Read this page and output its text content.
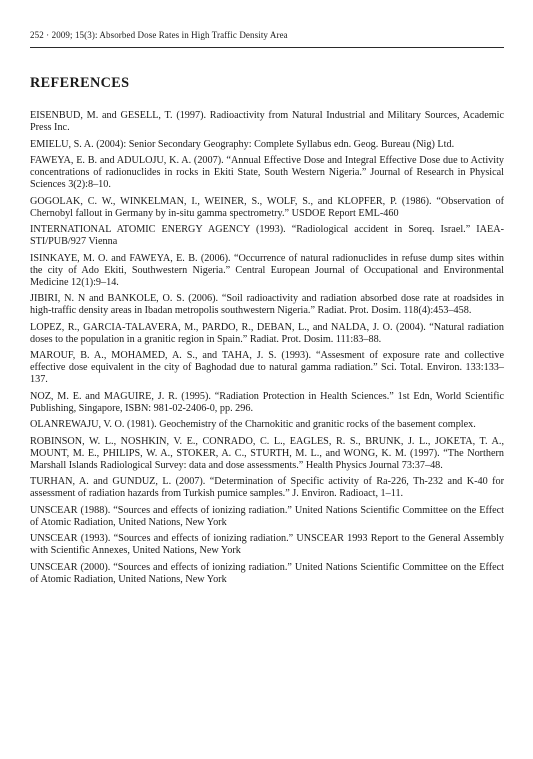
252 · 2009; 15(3): Absorbed Dose Rates in High Traffic Density Area
REFERENCES

EISENBUD, M. and GESELL, T. (1997). Radioactivity from Natural Industrial and Military Sources, Academic Press Inc.

EMIELU, S. A. (2004): Senior Secondary Geography: Complete Syllabus edn. Geog. Bureau (Nig) Ltd.

FAWEYA, E. B. and ADULOJU, K. A. (2007). “Annual Effective Dose and Integral Effective Dose due to Activity concentrations of radionuclides in rocks in Ekiti State, South Western Nigeria.” Journal of Research in Physical Sciences 3(2):8–10.

GOGOLAK, C. W., WINKELMAN, I., WEINER, S., WOLF, S., and KLOPFER, P. (1986). “Observation of Chernobyl fallout in Germany by in-situ gamma spectrometry.” USDOE Report EML-460

INTERNATIONAL ATOMIC ENERGY AGENCY (1993). “Radiological accident in Soreq. Israel.” IAEA-STI/PUB/927 Vienna

ISINKAYE, M. O. and FAWEYA, E. B. (2006). “Occurrence of natural radionuclides in refuse dump sites within the city of Ado Ekiti, Southwestern Nigeria.” Central European Journal of Occupational and Environmental Medicine 12(1):9–14.

JIBIRI, N. N and BANKOLE, O. S. (2006). “Soil radioactivity and radiation absorbed dose rate at roadsides in high-traffic density areas in Ibadan metropolis southwestern Nigeria.” Radiat. Prot. Dosim. 118(4):453–458.

LOPEZ, R., GARCIA-TALAVERA, M., PARDO, R., DEBAN, L., and NALDA, J. O. (2004). “Natural radiation doses to the population in a granitic region in Spain.” Radiat. Prot. Dosim. 111:83–88.

MAROUF, B. A., MOHAMED, A. S., and TAHA, J. S. (1993). “Assesment of exposure rate and collective effective dose equivalent in the city of Baghodad due to natural gamma radiation.” Sci. Total. Environ. 133:133–137.

NOZ, M. E. and MAGUIRE, J. R. (1995). “Radiation Protection in Health Sciences.” 1st Edn, World Scientific Publishing, Singapore, ISBN: 981-02-2406-0, pp. 296.

OLANREWAJU, V. O. (1981). Geochemistry of the Charnokitic and granitic rocks of the basement complex.

ROBINSON, W. L., NOSHKIN, V. E., CONRADO, C. L., EAGLES, R. S., BRUNK, J. L., JOKETA, T. A., MOUNT, M. E., PHILIPS, W. A., STOKER, A. C., STURTH, M. L., and WONG, K. M. (1997). “The Northern Marshall Islands Radiological Survey: data and dose assessments.” Health Physics Journal 73:37–48.

TURHAN, A. and GUNDUZ, L. (2007). “Determination of Specific activity of Ra-226, Th-232 and K-40 for assessment of radiation hazards from Turkish pumice samples.” J. Environ. Radioact, 1–11.

UNSCEAR (1988). “Sources and effects of ionizing radiation.” United Nations Scientific Committee on the Effect of Atomic Radiation, United Nations, New York

UNSCEAR (1993). “Sources and effects of ionizing radiation.” UNSCEAR 1993 Report to the General Assembly with Scientific Annexes, United Nations, New York

UNSCEAR (2000). “Sources and effects of ionizing radiation.” United Nations Scientific Committee on the Effect of Atomic Radiation, United Nations, New York
